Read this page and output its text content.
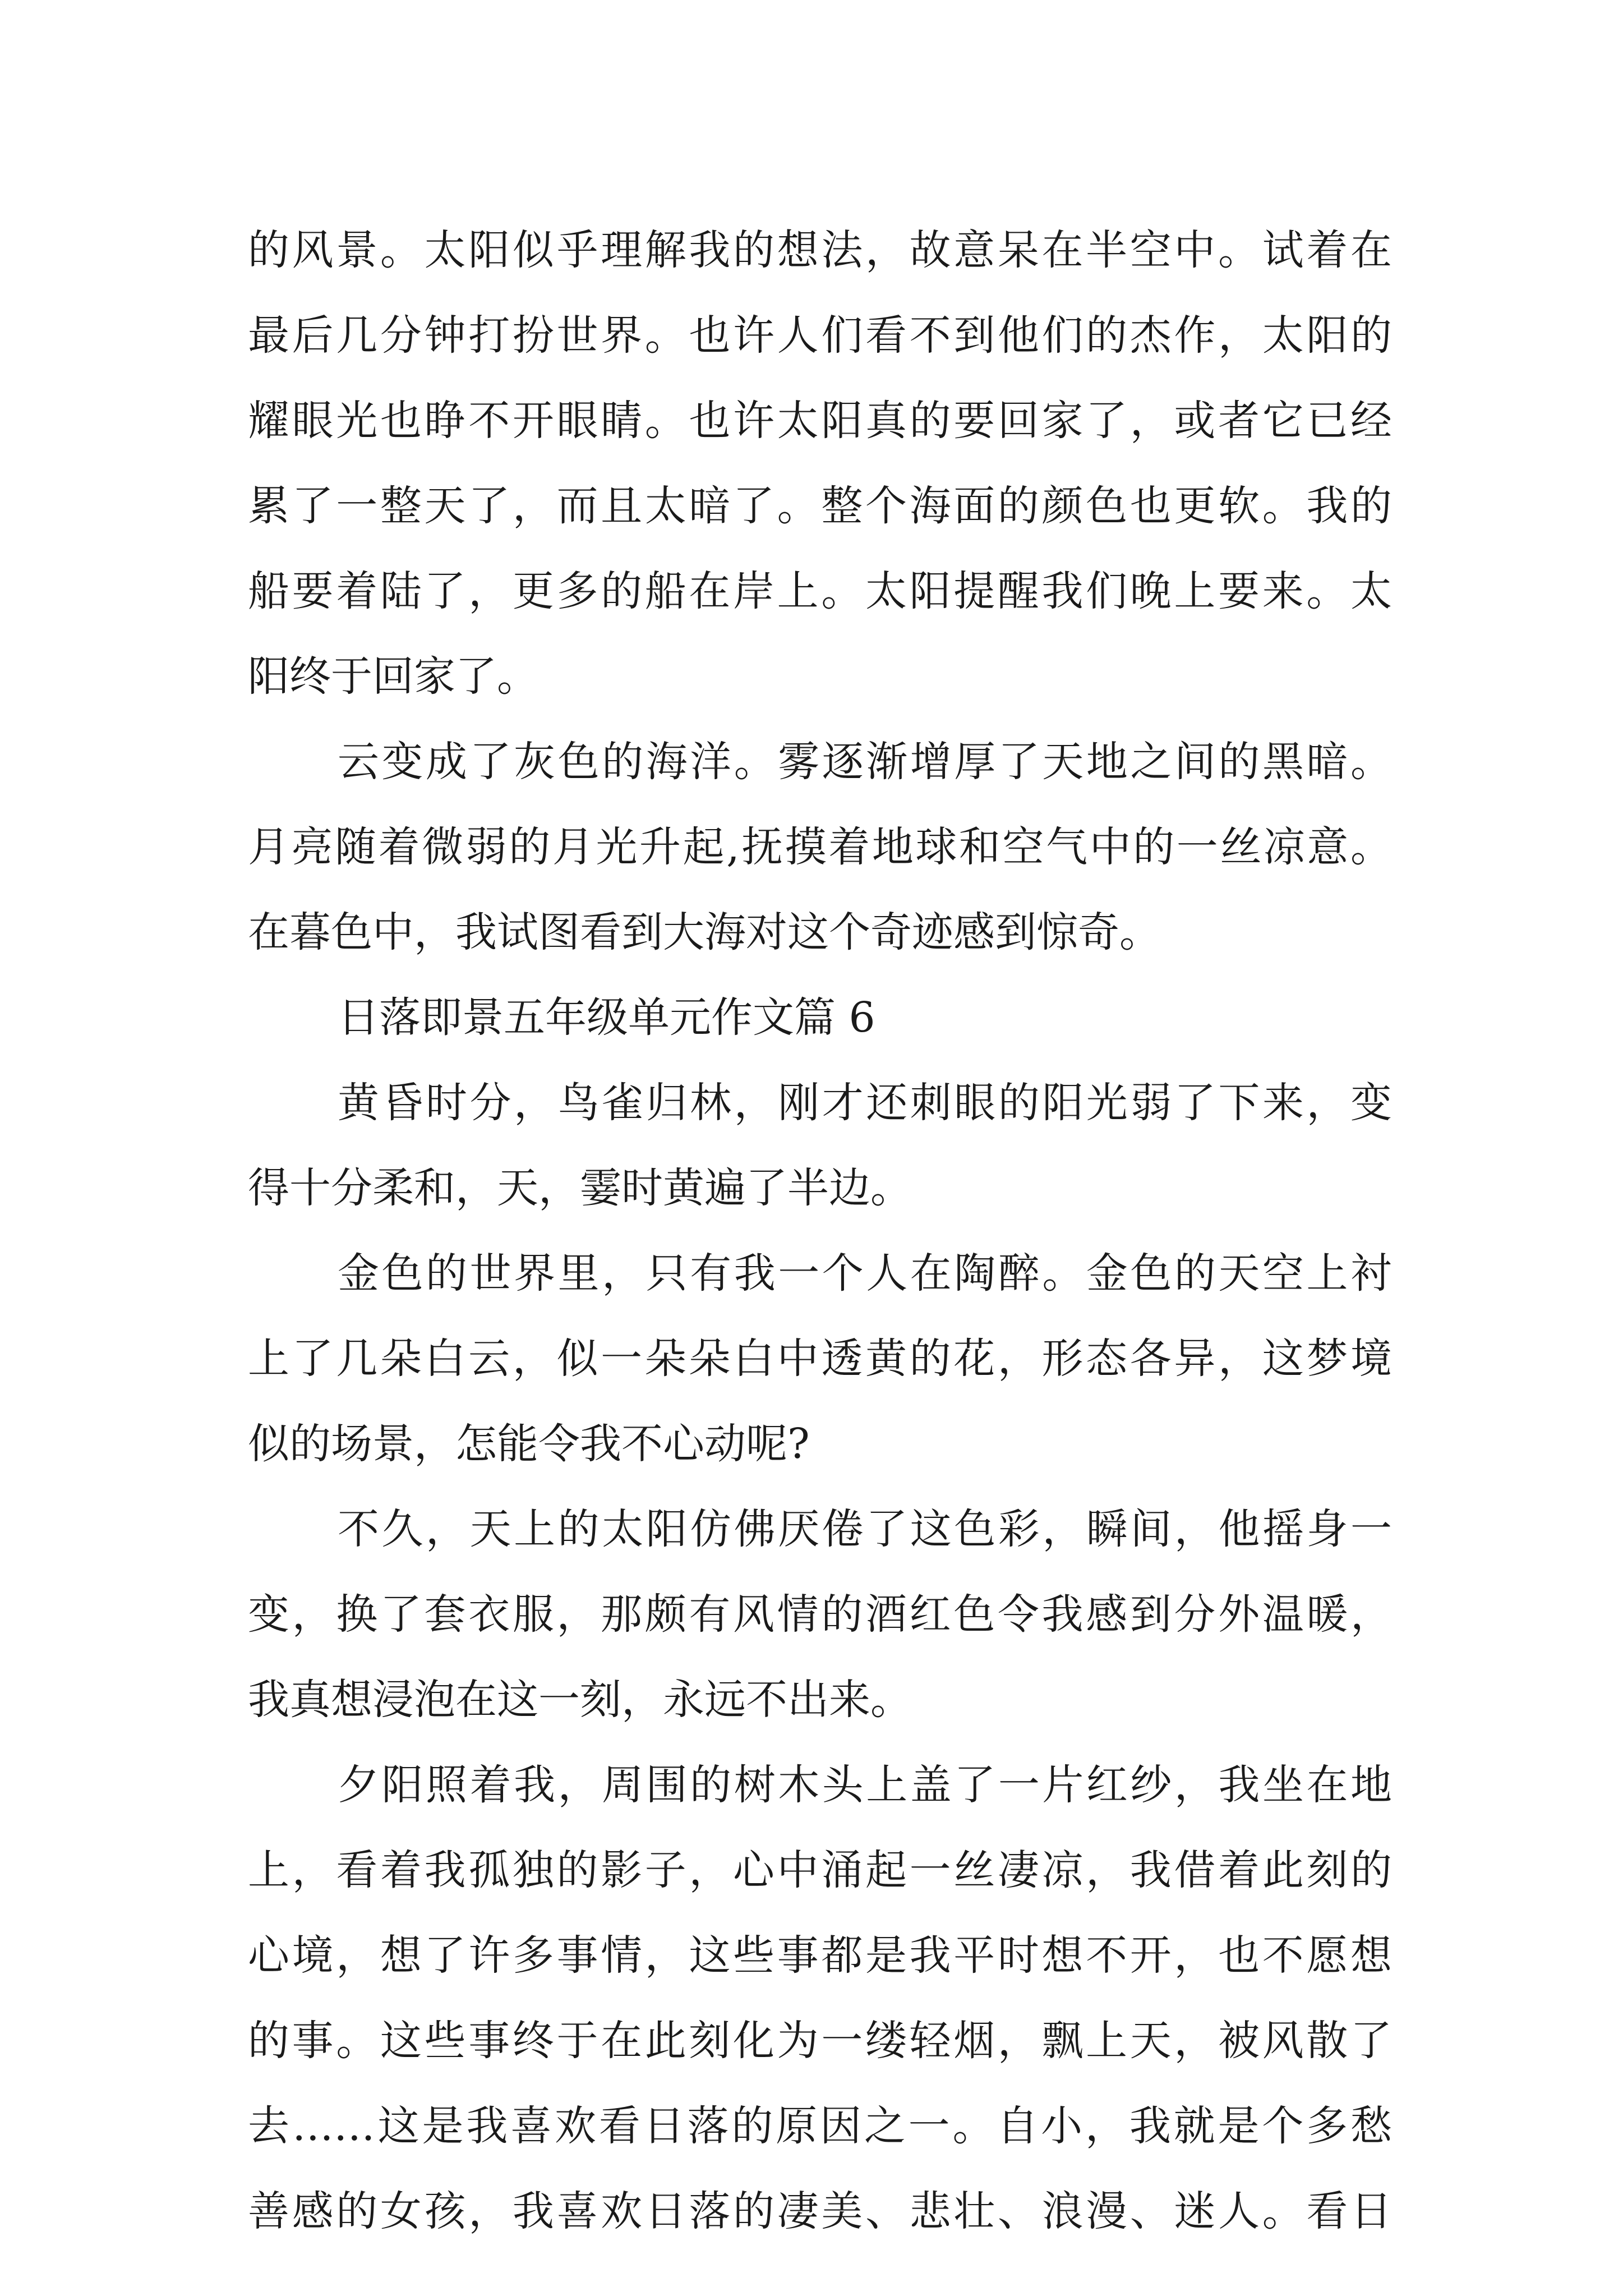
的风景。太阳似乎理解我的想法，故意呆在半空中。试着在
最后几分钟打扮世界。也许人们看不到他们的杰作，太阳的
耀眼光也睁不开眼睛。也许太阳真的要回家了，或者它已经
累了一整天了，而且太暗了。整个海面的颜色也更软。我的
船要着陆了，更多的船在岸上。太阳提醒我们晚上要来。太
阳终于回家了。
云变成了灰色的海洋。雾逐渐增厚了天地之间的黑暗。
月亮随着微弱的月光升起,抚摸着地球和空气中的一丝凉意。
在暮色中，我试图看到大海对这个奇迹感到惊奇。
日落即景五年级单元作文篇 6
黄昏时分，鸟雀归林，刚才还刺眼的阳光弱了下来，变
得十分柔和，天，霎时黄遍了半边。
金色的世界里，只有我一个人在陶醉。金色的天空上衬
上了几朵白云，似一朵朵白中透黄的花，形态各异，这梦境
似的场景，怎能令我不心动呢?
不久，天上的太阳仿佛厌倦了这色彩，瞬间，他摇身一
变，换了套衣服，那颇有风情的酒红色令我感到分外温暖，
我真想浸泡在这一刻，永远不出来。
夕阳照着我，周围的树木头上盖了一片红纱，我坐在地
上，看着我孤独的影子，心中涌起一丝凄凉，我借着此刻的
心境，想了许多事情，这些事都是我平时想不开，也不愿想
的事。这些事终于在此刻化为一缕轻烟，飘上天，被风散了
去……这是我喜欢看日落的原因之一。自小，我就是个多愁
善感的女孩，我喜欢日落的凄美、悲壮、浪漫、迷人。看日
